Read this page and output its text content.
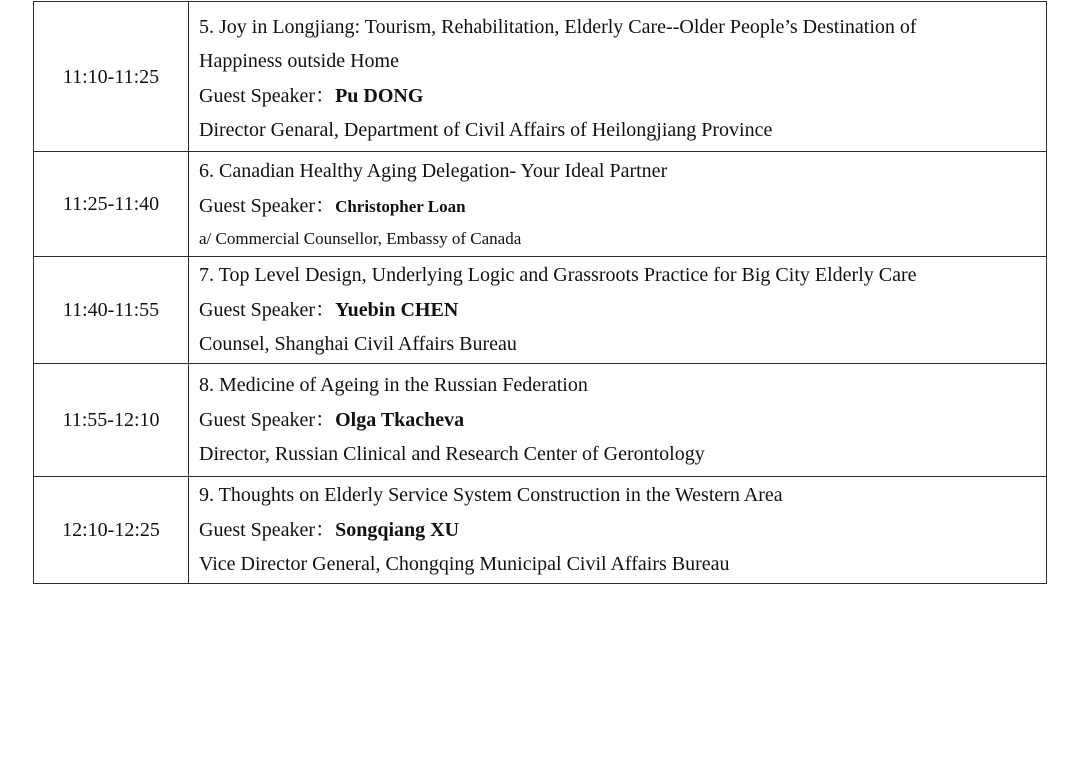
11:10-11:25	5. Joy in Longjiang: Tourism, Rehabilitation, Elderly Care--Older People’s Destination of
Happiness outside Home
Guest Speaker：Pu DONG
Director Genaral, Department of Civil Affairs of Heilongjiang Province

11:25-11:40	6. Canadian Healthy Aging Delegation- Your Ideal Partner
Guest Speaker：Christopher Loan
a/ Commercial Counsellor, Embassy of Canada

11:40-11:55	7. Top Level Design, Underlying Logic and Grassroots Practice for Big City Elderly Care
Guest Speaker：Yuebin CHEN
Counsel, Shanghai Civil Affairs Bureau

11:55-12:10	8. Medicine of Ageing in the Russian Federation
Guest Speaker：Olga Tkacheva
Director, Russian Clinical and Research Center of Gerontology

12:10-12:25	9. Thoughts on Elderly Service System Construction in the Western Area
Guest Speaker：Songqiang XU
Vice Director General, Chongqing Municipal Civil Affairs Bureau
